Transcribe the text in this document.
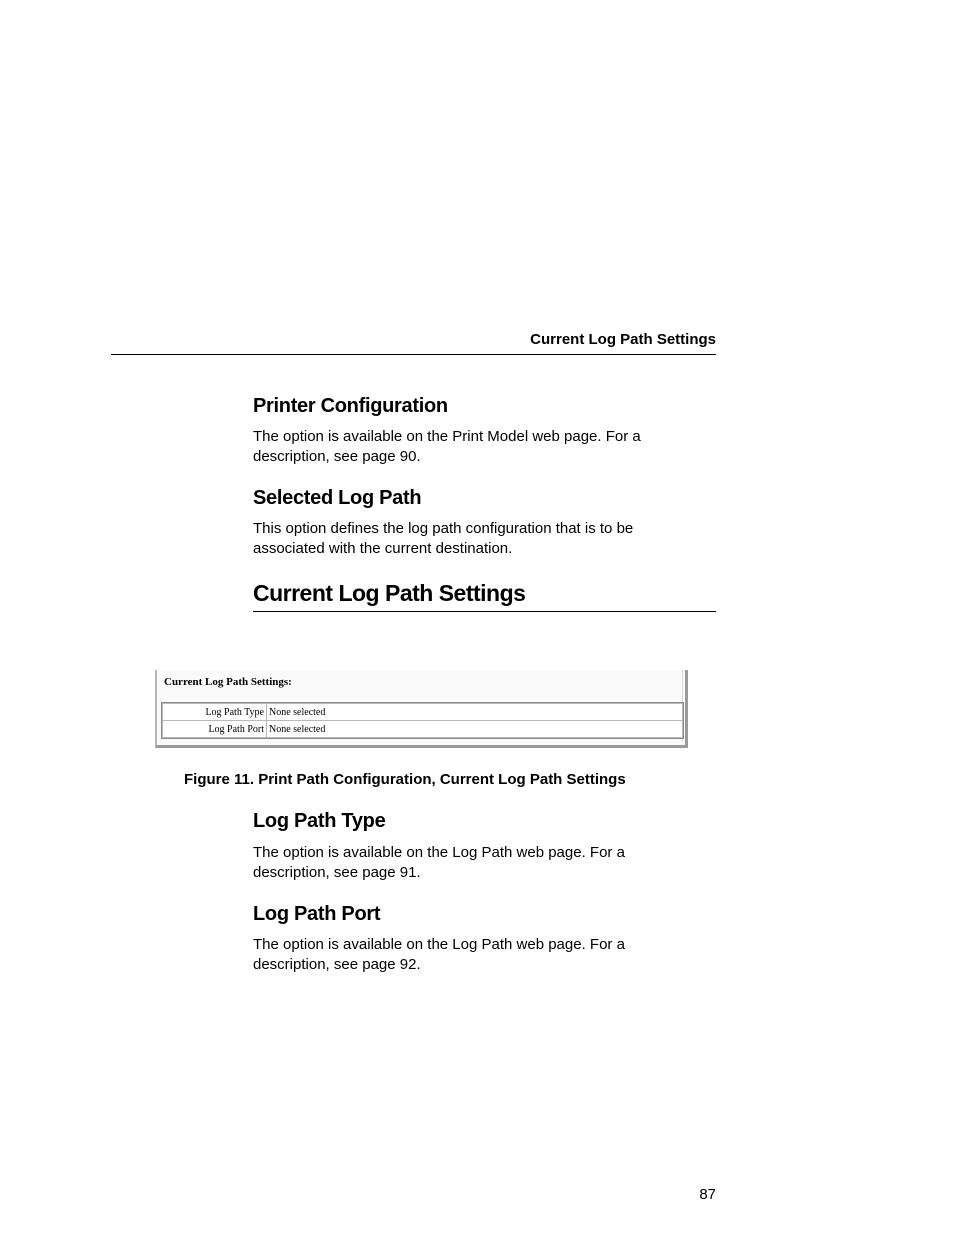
Current Log Path Settings
Printer Configuration
The option is available on the Print Model web page. For a
description, see page 90.
Selected Log Path
This option defines the log path configuration that is to be
associated with the current destination.
Current Log Path Settings
Current Log Path Settings:
Log Path Type	None selected
Log Path Port	None selected
Figure 11. Print Path Configuration, Current Log Path Settings
Log Path Type
The option is available on the Log Path web page. For a
description, see page 91.
Log Path Port
The option is available on the Log Path web page. For a
description, see page 92.
87
